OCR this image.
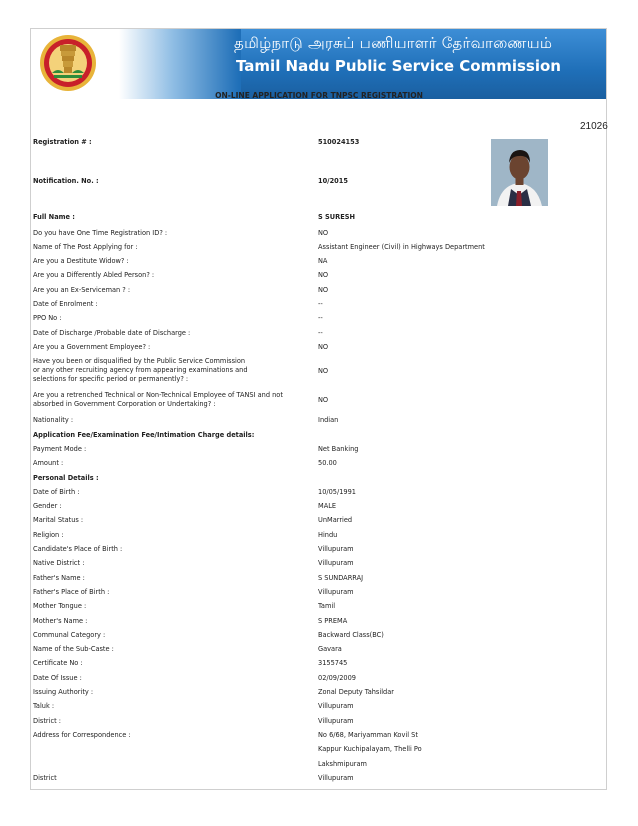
தமிழ்நாடு அரசுப் பணியாளர் தேர்வாணையம்
Tamil Nadu Public Service Commission
ON-LINE APPLICATION FOR TNPSC REGISTRATION
21026
Registration # :	510024153
Notification. No. :	10/2015
Full Name :	S SURESH
Do you have One Time Registration ID? :	NO
Name of The Post Applying for :	Assistant Engineer (Civil) in Highways Department
Are you a Destitute Widow? :	NA
Are you a Differently Abled Person? :	NO
Are you an Ex-Serviceman ? :	NO
Date of Enrolment :	--
PPO No :	--
Date of Discharge /Probable date of Discharge :	--
Are you a Government Employee? :	NO
Have you been or disqualified by the Public Service Commission
or any other recruiting agency from appearing examinations and
selections for specific period or permanently? :
NO
Are you a retrenched Technical or Non-Technical Employee of TANSI and not
absorbed in Government Corporation or Undertaking? :	NO
Nationality :	Indian
Application Fee/Examination Fee/Intimation Charge details:
Payment Mode :	Net Banking
Amount :	50.00
Personal Details :
Date of Birth :	10/05/1991
Gender :	MALE
Marital Status :	UnMarried
Religion :	Hindu
Candidate's Place of Birth :	Villupuram
Native District :	Villupuram
Father's Name :	S SUNDARRAJ
Father's Place of Birth :	Villupuram
Mother Tongue :	Tamil
Mother's Name :	S PREMA
Communal Category :	Backward Class(BC)
Name of the Sub-Caste :	Gavara
Certificate No :	3155745
Date Of Issue :	02/09/2009
Issuing Authority :	Zonal Deputy Tahsildar
Taluk :	Villupuram
District :	Villupuram
Address for Correspondence :	No 6/68, Mariyamman Kovil St
Kappur Kuchipalayam, Thelli Po
Lakshmipuram
District	Villupuram
